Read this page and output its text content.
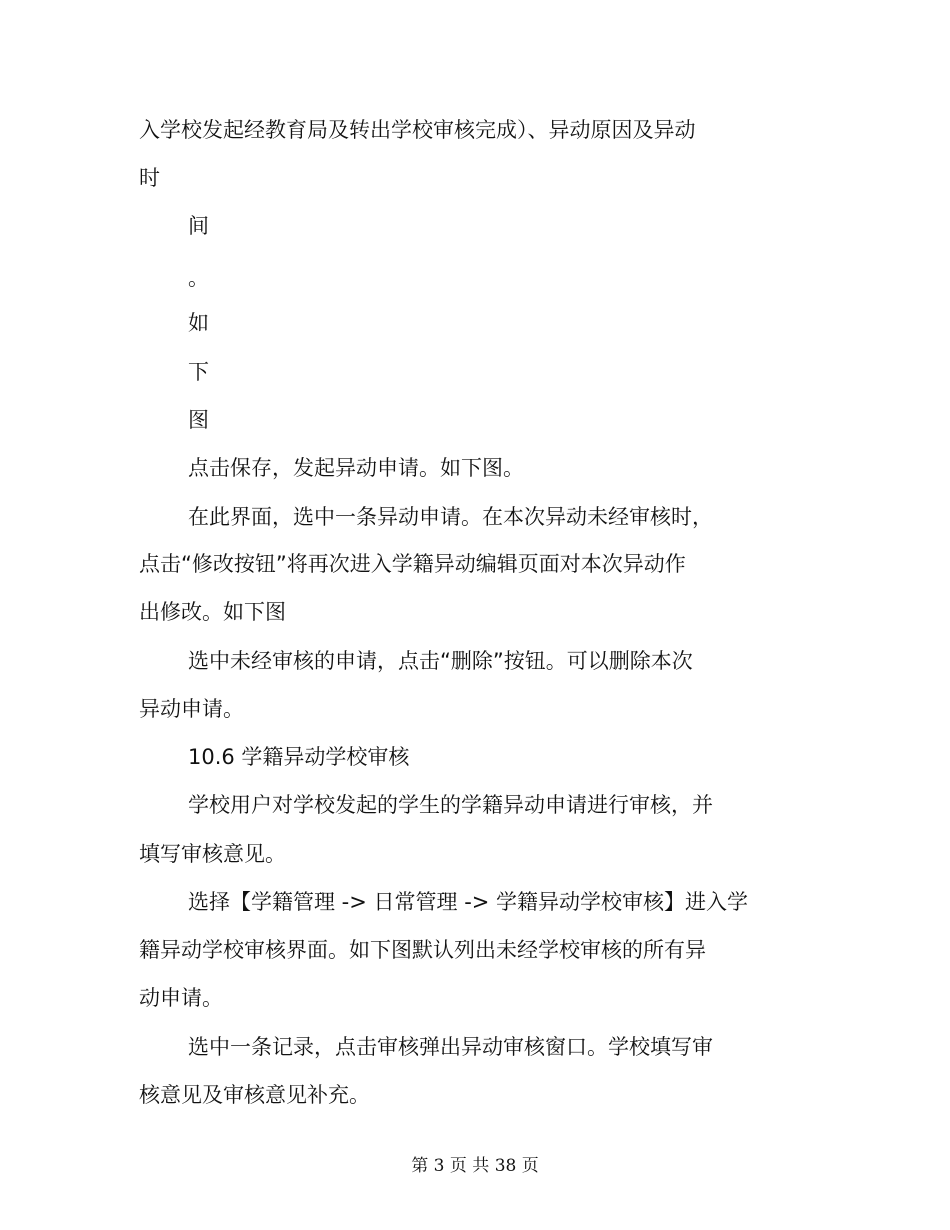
入学校发起经教育局及转出学校审核完成）、异动原因及异动
时
间
。
如
下
图
点击保存，发起异动申请。如下图。
在此界面，选中一条异动申请。在本次异动未经审核时，
点击“修改按钮”将再次进入学籍异动编辑页面对本次异动作
出修改。如下图
选中未经审核的申请，点击“删除”按钮。可以删除本次
异动申请。
10.6 学籍异动学校审核
学校用户对学校发起的学生的学籍异动申请进行审核，并
填写审核意见。
选择【学籍管理 -> 日常管理 -> 学籍异动学校审核】进入学
籍异动学校审核界面。如下图默认列出未经学校审核的所有异
动申请。
选中一条记录，点击审核弹出异动审核窗口。学校填写审
核意见及审核意见补充。
第 3 页 共 38 页
